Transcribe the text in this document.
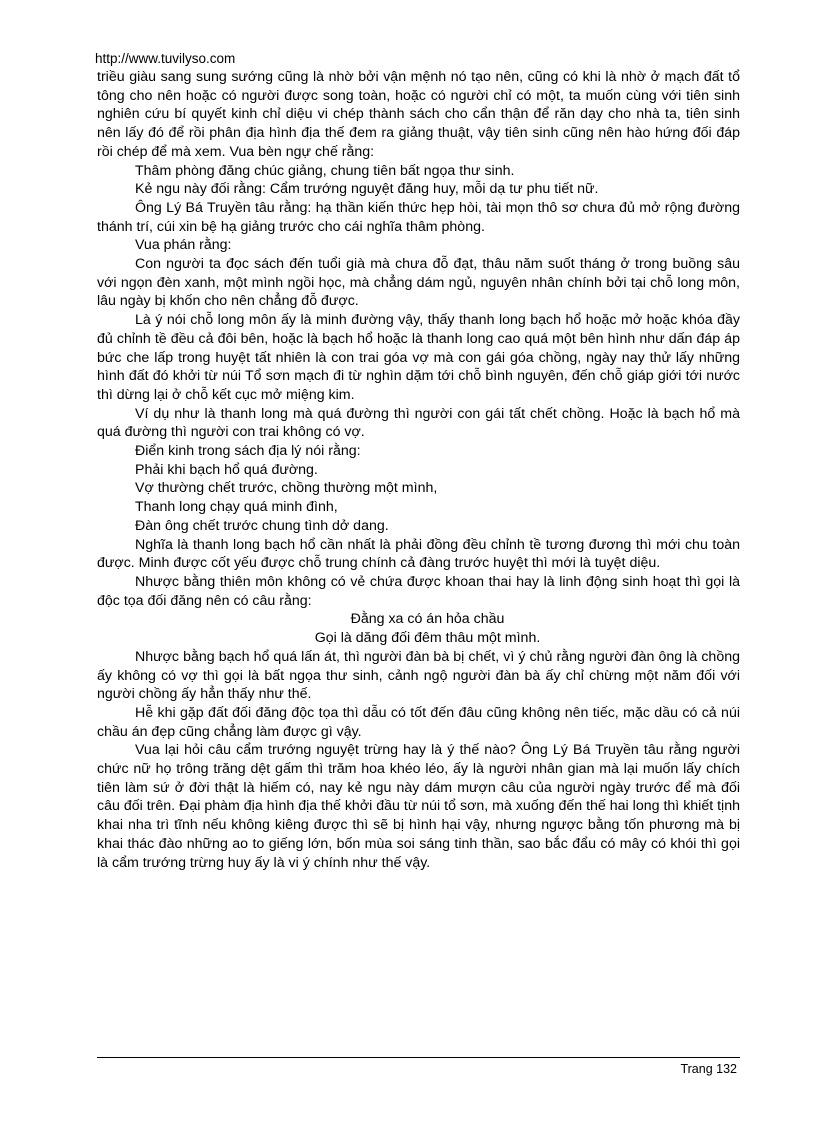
http://www.tuvilyso.com

triều giàu sang sung sướng cũng là nhờ bởi vận mệnh nó tạo nên, cũng có khi là nhờ ở mạch đất tổ tông cho nên hoặc có người được song toàn, hoặc có người chỉ có một, ta muốn cùng với tiên sinh nghiên cứu bí quyết kinh chỉ diệu vi chép thành sách cho cẩn thận để răn dạy cho nhà ta, tiên sinh nên lấy đó để rồi phân địa hình địa thế đem ra giảng thuật, vậy tiên sinh cũng nên hào hứng đối đáp rồi chép để mà xem. Vua bèn ngự chế rằng:

Thâm phòng đăng chúc giảng, chung tiên bất ngọa thư sinh.

Kẻ ngu này đối rằng: Cẩm trướng nguyệt đăng huy, mỗi dạ tư phu tiết nữ.

Ông Lý Bá Truyền tâu rằng: hạ thần kiến thức hẹp hòi, tài mọn thô sơ chưa đủ mở rộng đường thánh trí, cúi xin bệ hạ giảng trước cho cái nghĩa thâm phòng.

Vua phán rằng:

Con người ta đọc sách đến tuổi già mà chưa đỗ đạt, thâu năm suốt tháng ở trong buồng sâu với ngọn đèn xanh, một mình ngồi học, mà chẳng dám ngủ, nguyên nhân chính bởi tại chỗ long môn, lâu ngày bị khốn cho nên chẳng đỗ được.

Là ý nói chỗ long môn ấy là minh đường vậy, thấy thanh long bạch hổ hoặc mở hoặc khóa đầy đủ chỉnh tề đều cả đôi bên, hoặc là bạch hổ hoặc là thanh long cao quá một bên hình như dấn đáp áp bức che lấp trong huyệt tất nhiên là con trai góa vợ mà con gái góa chồng, ngày nay thử lấy những hình đất đó khởi từ núi Tổ sơn mạch đi từ nghìn dặm tới chỗ bình nguyên, đến chỗ giáp giới tới nước thì dừng lại ở chỗ kết cục mở miệng kim.

Ví dụ như là thanh long mà quá đường thì người con gái tất chết chồng. Hoặc là bạch hổ mà quá đường thì người con trai không có vợ.

Điển kinh trong sách địa lý nói rằng:

Phải khi bạch hổ quá đường.

Vợ thường chết trước, chồng thường một mình,

Thanh long chạy quá minh đình,

Đàn ông chết trước chung tình dở dang.

Nghĩa là thanh long bạch hổ cần nhất là phải đồng đều chỉnh tề tương đương thì mới chu toàn được. Minh được cốt yếu được chỗ trung chính cả đàng trước huyệt thì mới là tuyệt diệu.

Nhược bằng thiên môn không có vẻ chứa được khoan thai hay là linh động sinh hoạt thì gọi là độc tọa đối đăng nên có câu rằng:

Đằng xa có án hỏa chầu

Gọi là dăng đối đêm thâu một mình.

Nhược bằng bạch hổ quá lấn át, thì người đàn bà bị chết, vì ý chủ rằng người đàn ông là chồng ấy không có vợ thì gọi là bất ngọa thư sinh, cảnh ngộ người đàn bà ấy chỉ chừng một năm đối với người chồng ấy hẳn thấy như thế.

Hễ khi gặp đất đối đăng độc tọa thì dẫu có tốt đến đâu cũng không nên tiếc, mặc dầu có cả núi chầu án đẹp cũng chẳng làm được gì vậy.

Vua lại hỏi câu cẩm trướng nguyệt trừng hay là ý thế nào? Ông Lý Bá Truyền tâu rằng người chức nữ họ trông trăng dệt gấm thì trăm hoa khéo léo, ấy là người nhân gian mà lại muốn lấy chích tiên làm sứ ở đời thật là hiếm có, nay kẻ ngu này dám mượn câu của người ngày trước để mà đối câu đối trên. Đại phàm địa hình địa thế khởi đầu từ núi tổ sơn, mà xuống đến thế hai long thì khiết tịnh khai nha trì tĩnh nếu không kiêng được thì sẽ bị hình hại vậy, nhưng ngược bằng tốn phương mà bị khai thác đào những ao to giếng lớn, bốn mùa soi sáng tinh thần, sao bắc đẩu có mây có khói thì gọi là cẩm trướng trừng huy ấy là vi ý chính như thế vậy.

Trang 132
